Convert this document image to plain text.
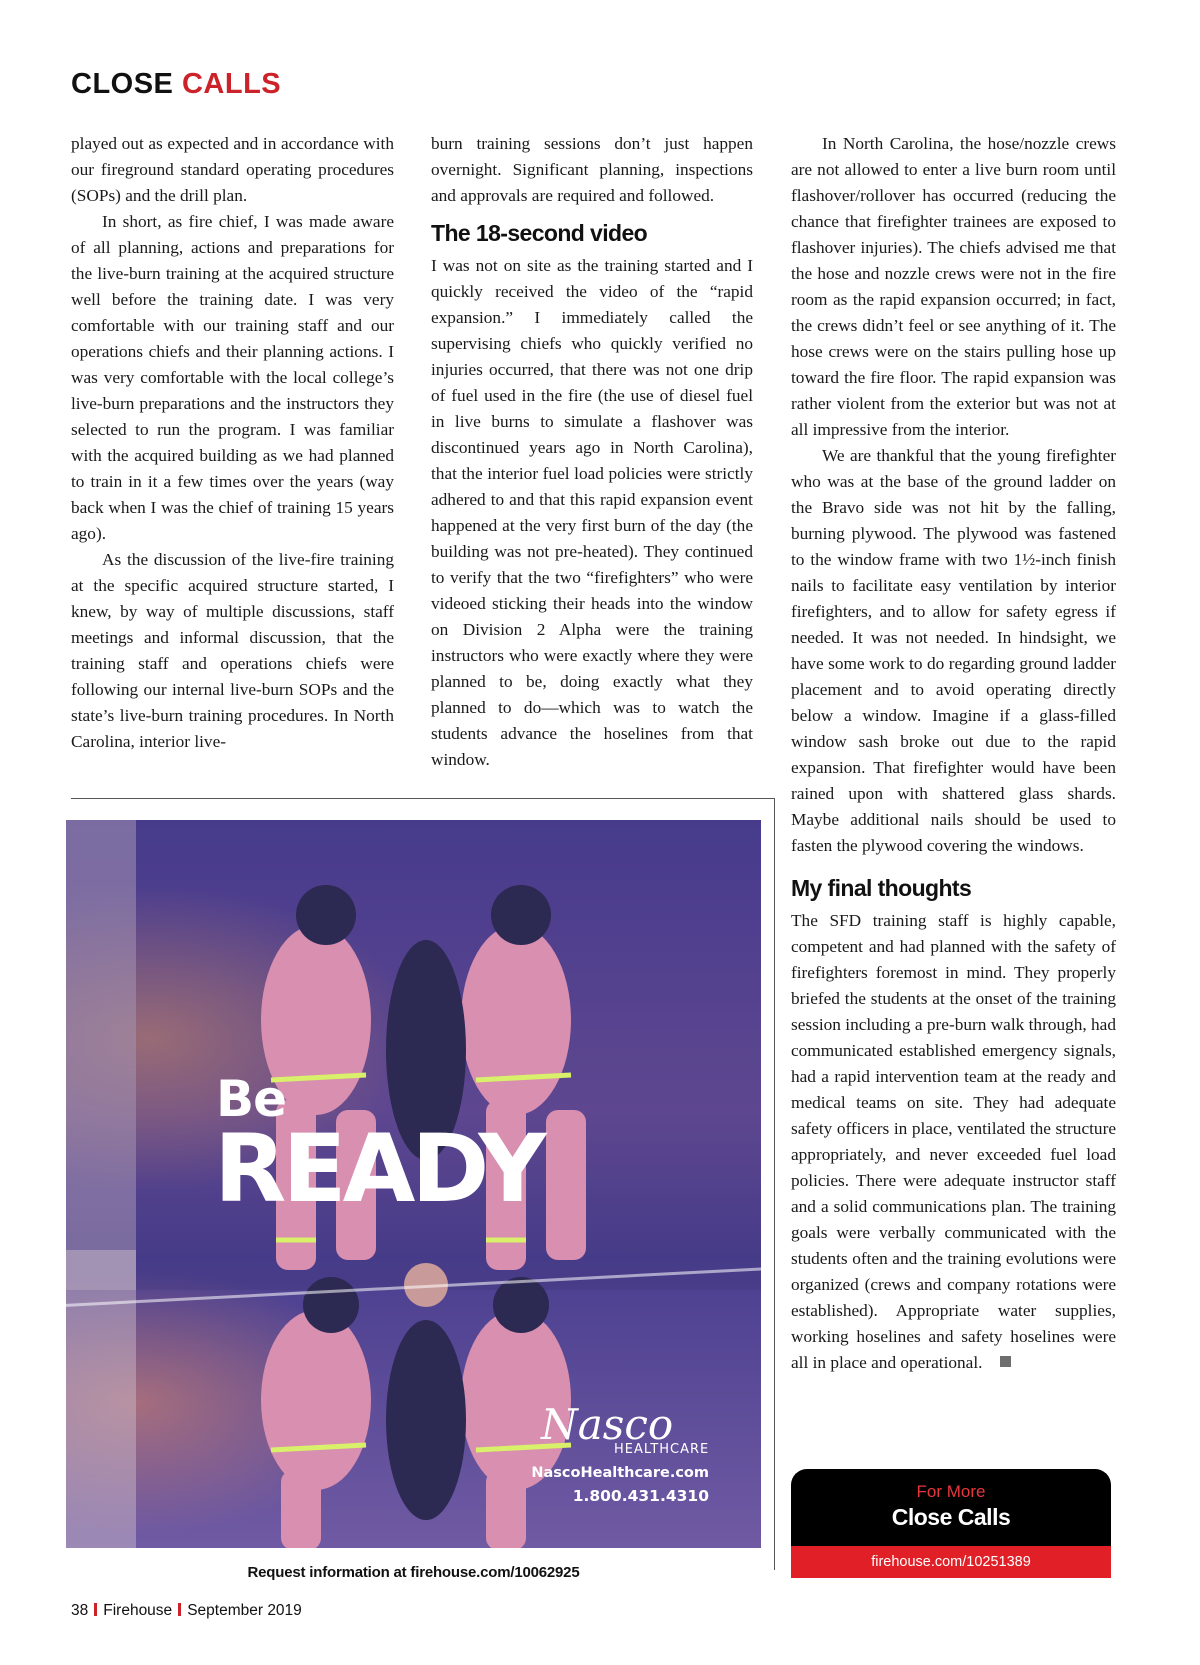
CLOSE CALLS

played out as expected and in accordance with our fireground standard operating procedures (SOPs) and the drill plan.

In short, as fire chief, I was made aware of all planning, actions and preparations for the live-burn training at the acquired structure well before the training date. I was very comfortable with our training staff and our operations chiefs and their planning actions. I was very comfortable with the local college’s live-burn preparations and the instructors they selected to run the program. I was familiar with the acquired building as we had planned to train in it a few times over the years (way back when I was the chief of training 15 years ago).

As the discussion of the live-fire training at the specific acquired structure started, I knew, by way of multiple discussions, staff meetings and informal discussion, that the training staff and operations chiefs were following our internal live-burn SOPs and the state’s live-burn training procedures. In North Carolina, interior live-

burn training sessions don’t just happen overnight. Significant planning, inspections and approvals are required and followed.

The 18-second video

I was not on site as the training started and I quickly received the video of the “rapid expansion.” I immediately called the supervising chiefs who quickly verified no injuries occurred, that there was not one drip of fuel used in the fire (the use of diesel fuel in live burns to simulate a flashover was discontinued years ago in North Carolina), that the interior fuel load policies were strictly adhered to and that this rapid expansion event happened at the very first burn of the day (the building was not pre-heated). They continued to verify that the two “firefighters” who were videoed sticking their heads into the window on Division 2 Alpha were the training instructors who were exactly where they were planned to be, doing exactly what they planned to do—which was to watch the students advance the hoselines from that window.

In North Carolina, the hose/nozzle crews are not allowed to enter a live burn room until flashover/rollover has occurred (reducing the chance that firefighter trainees are exposed to flashover injuries). The chiefs advised me that the hose and nozzle crews were not in the fire room as the rapid expansion occurred; in fact, the crews didn’t feel or see anything of it. The hose crews were on the stairs pulling hose up toward the fire floor. The rapid expansion was rather violent from the exterior but was not at all impressive from the interior.

We are thankful that the young firefighter who was at the base of the ground ladder on the Bravo side was not hit by the falling, burning plywood. The plywood was fastened to the window frame with two 1½-inch finish nails to facilitate easy ventilation by interior firefighters, and to allow for safety egress if needed. It was not needed. In hindsight, we have some work to do regarding ground ladder placement and to avoid operating directly below a window. Imagine if a glass-filled window sash broke out due to the rapid expansion. That firefighter would have been rained upon with shattered glass shards. Maybe additional nails should be used to fasten the plywood covering the windows.

My final thoughts

The SFD training staff is highly capable, competent and had planned with the safety of firefighters foremost in mind. They properly briefed the students at the onset of the training session including a pre-burn walk through, had communicated established emergency signals, had a rapid intervention team at the ready and medical teams on site. They had adequate safety officers in place, ventilated the structure appropriately, and never exceeded fuel load policies. There were adequate instructor staff and a solid communications plan. The training goals were verbally communicated with the students often and the training evolutions were organized (crews and company rotations were established). Appropriate water supplies, working hoselines and safety hoselines were all in place and operational.

Be

READY

Nasco

HEALTHCARE
NascoHealthcare.com
1.800.431.4310
Request information at firehouse.com/10062925
For More
Close Calls
firehouse.com/10251389
38 Firehouse September 2019
